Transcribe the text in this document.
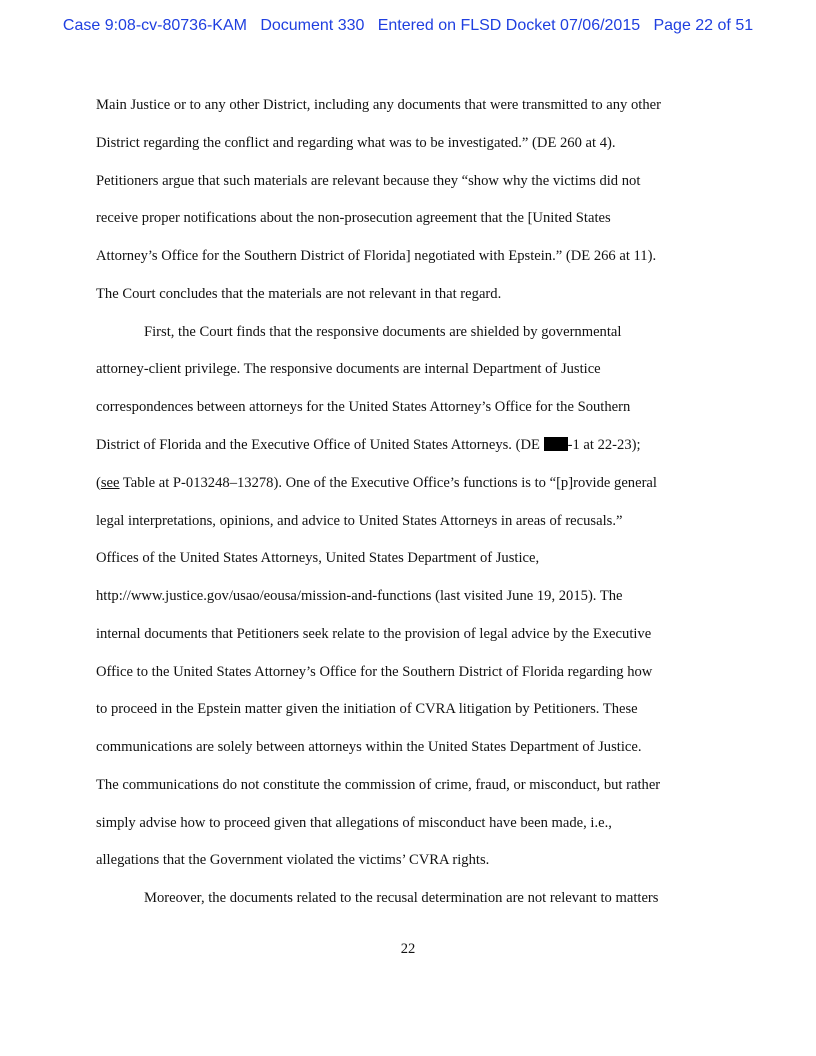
Case 9:08-cv-80736-KAM Document 330 Entered on FLSD Docket 07/06/2015 Page 22 of 51
Main Justice or to any other District, including any documents that were transmitted to any other
District regarding the conflict and regarding what was to be investigated.” (DE 260 at 4).
Petitioners argue that such materials are relevant because they “show why the victims did not
receive proper notifications about the non-prosecution agreement that the [United States
Attorney’s Office for the Southern District of Florida] negotiated with Epstein.” (DE 266 at 11).
The Court concludes that the materials are not relevant in that regard.
First, the Court finds that the responsive documents are shielded by governmental
attorney-client privilege. The responsive documents are internal Department of Justice
correspondences between attorneys for the United States Attorney’s Office for the Southern
District of Florida and the Executive Office of United States Attorneys. (DE -1 at 22-23);
(see Table at P-013248–13278). One of the Executive Office’s functions is to “[p]rovide general
legal interpretations, opinions, and advice to United States Attorneys in areas of recusals.”
Offices of the United States Attorneys, United States Department of Justice,
http://www.justice.gov/usao/eousa/mission-and-functions (last visited June 19, 2015). The
internal documents that Petitioners seek relate to the provision of legal advice by the Executive
Office to the United States Attorney’s Office for the Southern District of Florida regarding how
to proceed in the Epstein matter given the initiation of CVRA litigation by Petitioners. These
communications are solely between attorneys within the United States Department of Justice.
The communications do not constitute the commission of crime, fraud, or misconduct, but rather
simply advise how to proceed given that allegations of misconduct have been made, i.e.,
allegations that the Government violated the victims’ CVRA rights.
Moreover, the documents related to the recusal determination are not relevant to matters
22
